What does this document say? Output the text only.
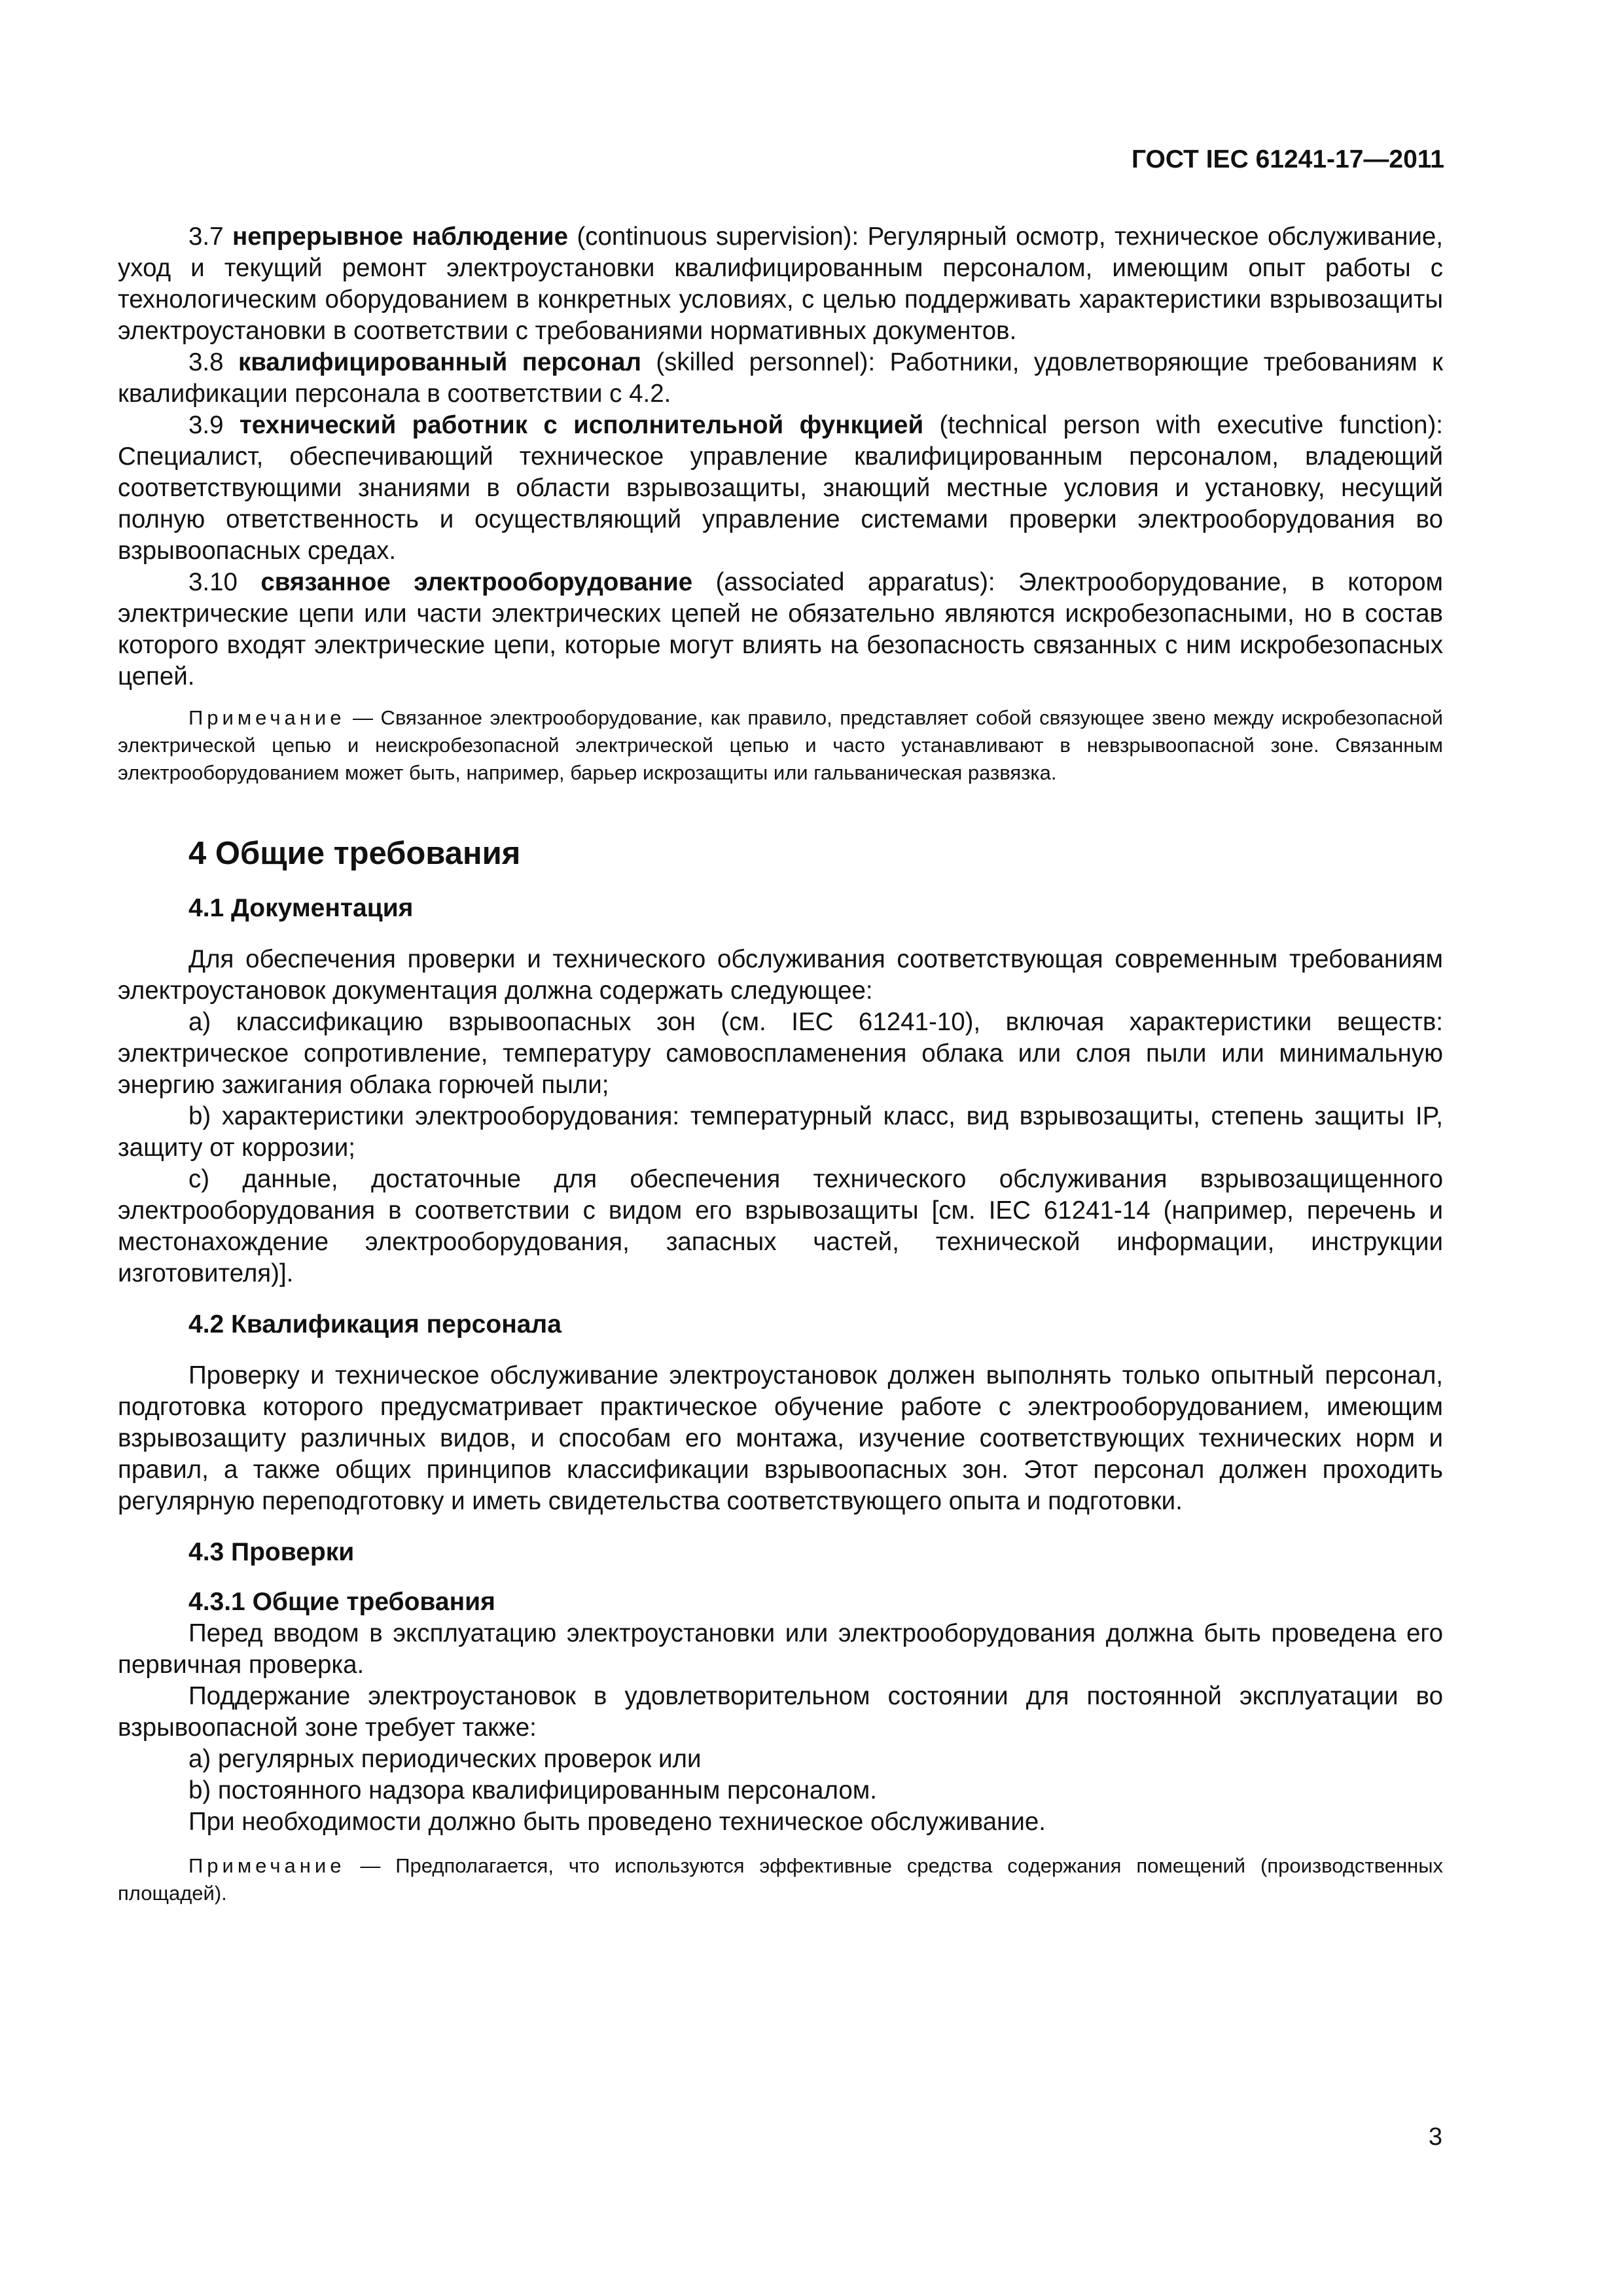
ГОСТ IEC 61241-17—2011

3.7 непрерывное наблюдение (continuous supervision): Регулярный осмотр, техническое обслуживание, уход и текущий ремонт электроустановки квалифицированным персоналом, имеющим опыт работы с технологическим оборудованием в конкретных условиях, с целью поддерживать характеристики взрывозащиты электроустановки в соответствии с требованиями нормативных документов.

3.8 квалифицированный персонал (skilled personnel): Работники, удовлетворяющие требованиям к квалификации персонала в соответствии с 4.2.

3.9 технический работник с исполнительной функцией (technical person with executive function): Специалист, обеспечивающий техническое управление квалифицированным персоналом, владеющий соответствующими знаниями в области взрывозащиты, знающий местные условия и установку, несущий полную ответственность и осуществляющий управление системами проверки электрооборудования во взрывоопасных средах.

3.10 связанное электрооборудование (associated apparatus): Электрооборудование, в котором электрические цепи или части электрических цепей не обязательно являются искробезопасными, но в состав которого входят электрические цепи, которые могут влиять на безопасность связанных с ним искробезопасных цепей.

Примечание — Связанное электрооборудование, как правило, представляет собой связующее звено между искробезопасной электрической цепью и неискробезопасной электрической цепью и часто устанавливают в невзрывоопасной зоне. Связанным электрооборудованием может быть, например, барьер искрозащиты или гальваническая развязка.

4 Общие требования
4.1 Документация

Для обеспечения проверки и технического обслуживания соответствующая современным требованиям электроустановок документация должна содержать следующее:

a) классификацию взрывоопасных зон (см. IEC 61241-10), включая характеристики веществ: электрическое сопротивление, температуру самовоспламенения облака или слоя пыли или минимальную энергию зажигания облака горючей пыли;

b) характеристики электрооборудования: температурный класс, вид взрывозащиты, степень защиты IP, защиту от коррозии;

c) данные, достаточные для обеспечения технического обслуживания взрывозащищенного электрооборудования в соответствии с видом его взрывозащиты [см. IEC 61241-14 (например, перечень и местонахождение электрооборудования, запасных частей, технической информации, инструкции изготовителя)].

4.2 Квалификация персонала

Проверку и техническое обслуживание электроустановок должен выполнять только опытный персонал, подготовка которого предусматривает практическое обучение работе с электрооборудованием, имеющим взрывозащиту различных видов, и способам его монтажа, изучение соответствующих технических норм и правил, а также общих принципов классификации взрывоопасных зон. Этот персонал должен проходить регулярную переподготовку и иметь свидетельства соответствующего опыта и подготовки.

4.3 Проверки
4.3.1 Общие требования

Перед вводом в эксплуатацию электроустановки или электрооборудования должна быть проведена его первичная проверка.

Поддержание электроустановок в удовлетворительном состоянии для постоянной эксплуатации во взрывоопасной зоне требует также:

a) регулярных периодических проверок или

b) постоянного надзора квалифицированным персоналом.

При необходимости должно быть проведено техническое обслуживание.

Примечание — Предполагается, что используются эффективные средства содержания помещений (производственных площадей).

3
